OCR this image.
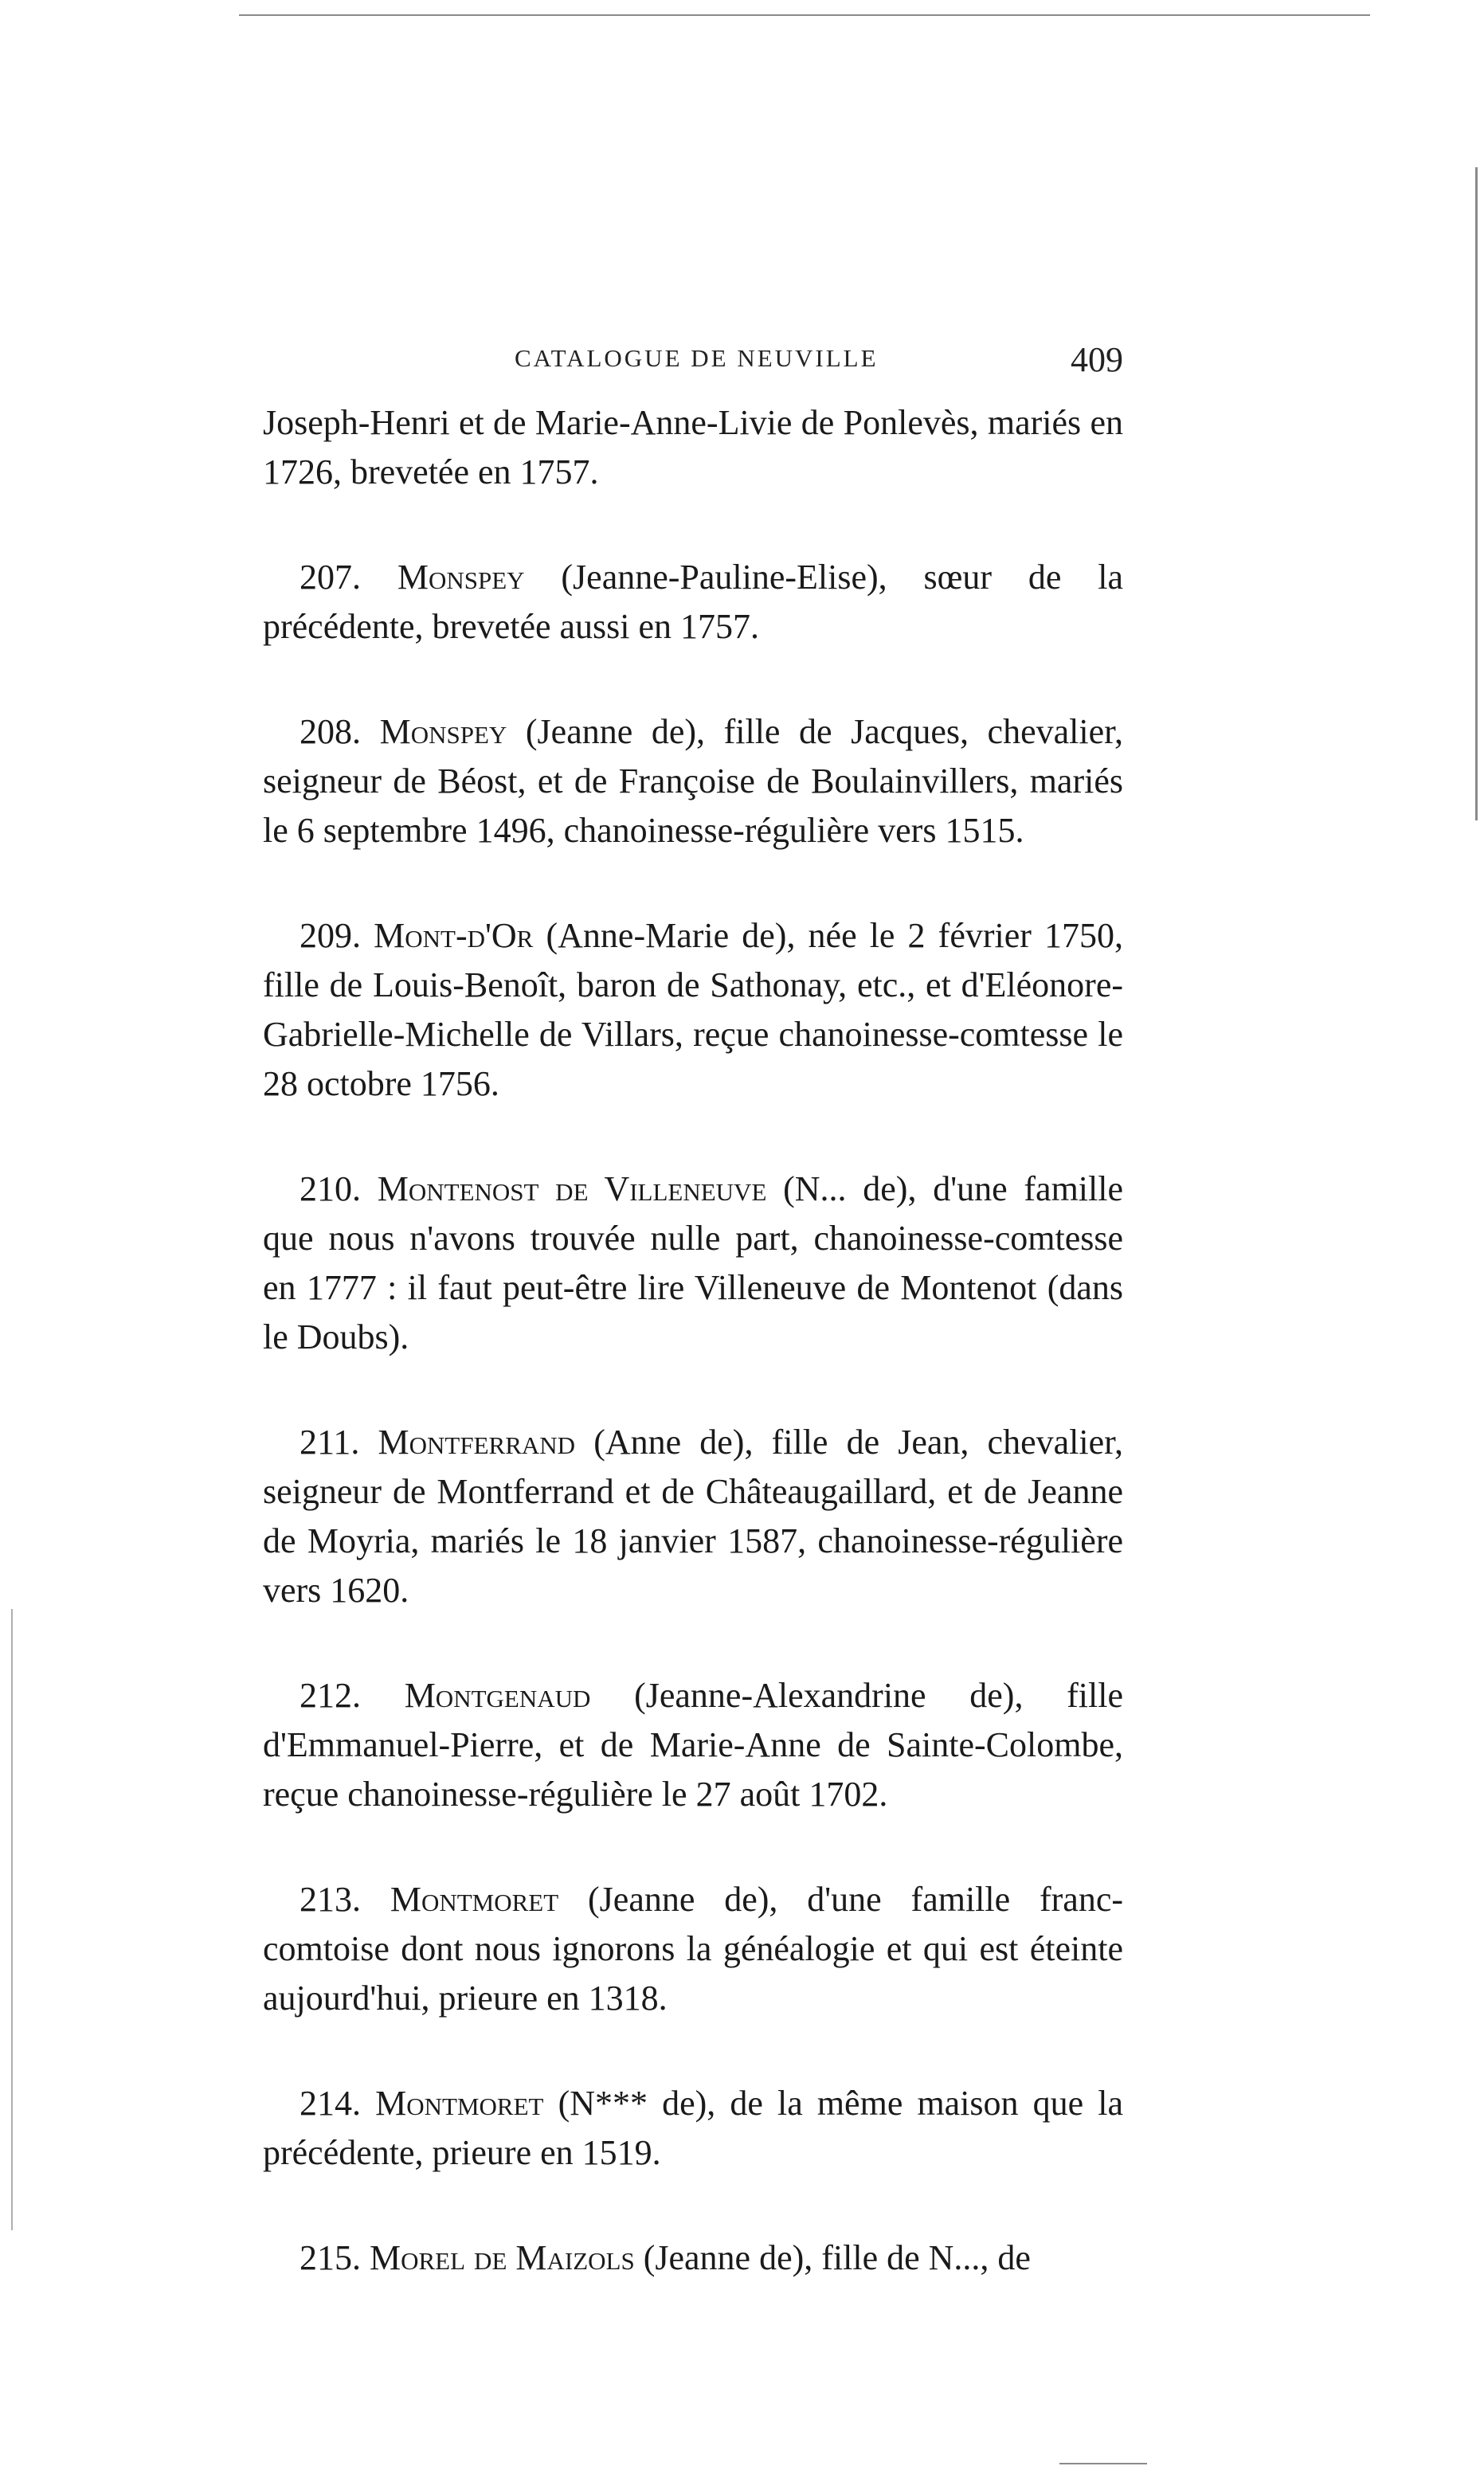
CATALOGUE DE NEUVILLE	409

Joseph-Henri et de Marie-Anne-Livie de Ponlevès, mariés en 1726, brevetée en 1757.

207. Monspey (Jeanne-Pauline-Elise), sœur de la précédente, brevetée aussi en 1757.

208. Monspey (Jeanne de), fille de Jacques, chevalier, seigneur de Béost, et de Françoise de Boulainvillers, mariés le 6 septembre 1496, chanoinesse-régulière vers 1515.

209. Mont-d'Or (Anne-Marie de), née le 2 février 1750, fille de Louis-Benoît, baron de Sathonay, etc., et d'Eléonore-Gabrielle-Michelle de Villars, reçue chanoinesse-comtesse le 28 octobre 1756.

210. Montenost de Villeneuve (N... de), d'une famille que nous n'avons trouvée nulle part, chanoinesse-comtesse en 1777 : il faut peut-être lire Villeneuve de Montenot (dans le Doubs).

211. Montferrand (Anne de), fille de Jean, chevalier, seigneur de Montferrand et de Châteaugaillard, et de Jeanne de Moyria, mariés le 18 janvier 1587, chanoinesse-régulière vers 1620.

212. Montgenaud (Jeanne-Alexandrine de), fille d'Emmanuel-Pierre, et de Marie-Anne de Sainte-Colombe, reçue chanoinesse-régulière le 27 août 1702.

213. Montmoret (Jeanne de), d'une famille franc-comtoise dont nous ignorons la généalogie et qui est éteinte aujourd'hui, prieure en 1318.

214. Montmoret (N*** de), de la même maison que la précédente, prieure en 1519.

215. Morel de Maizols (Jeanne de), fille de N..., de
